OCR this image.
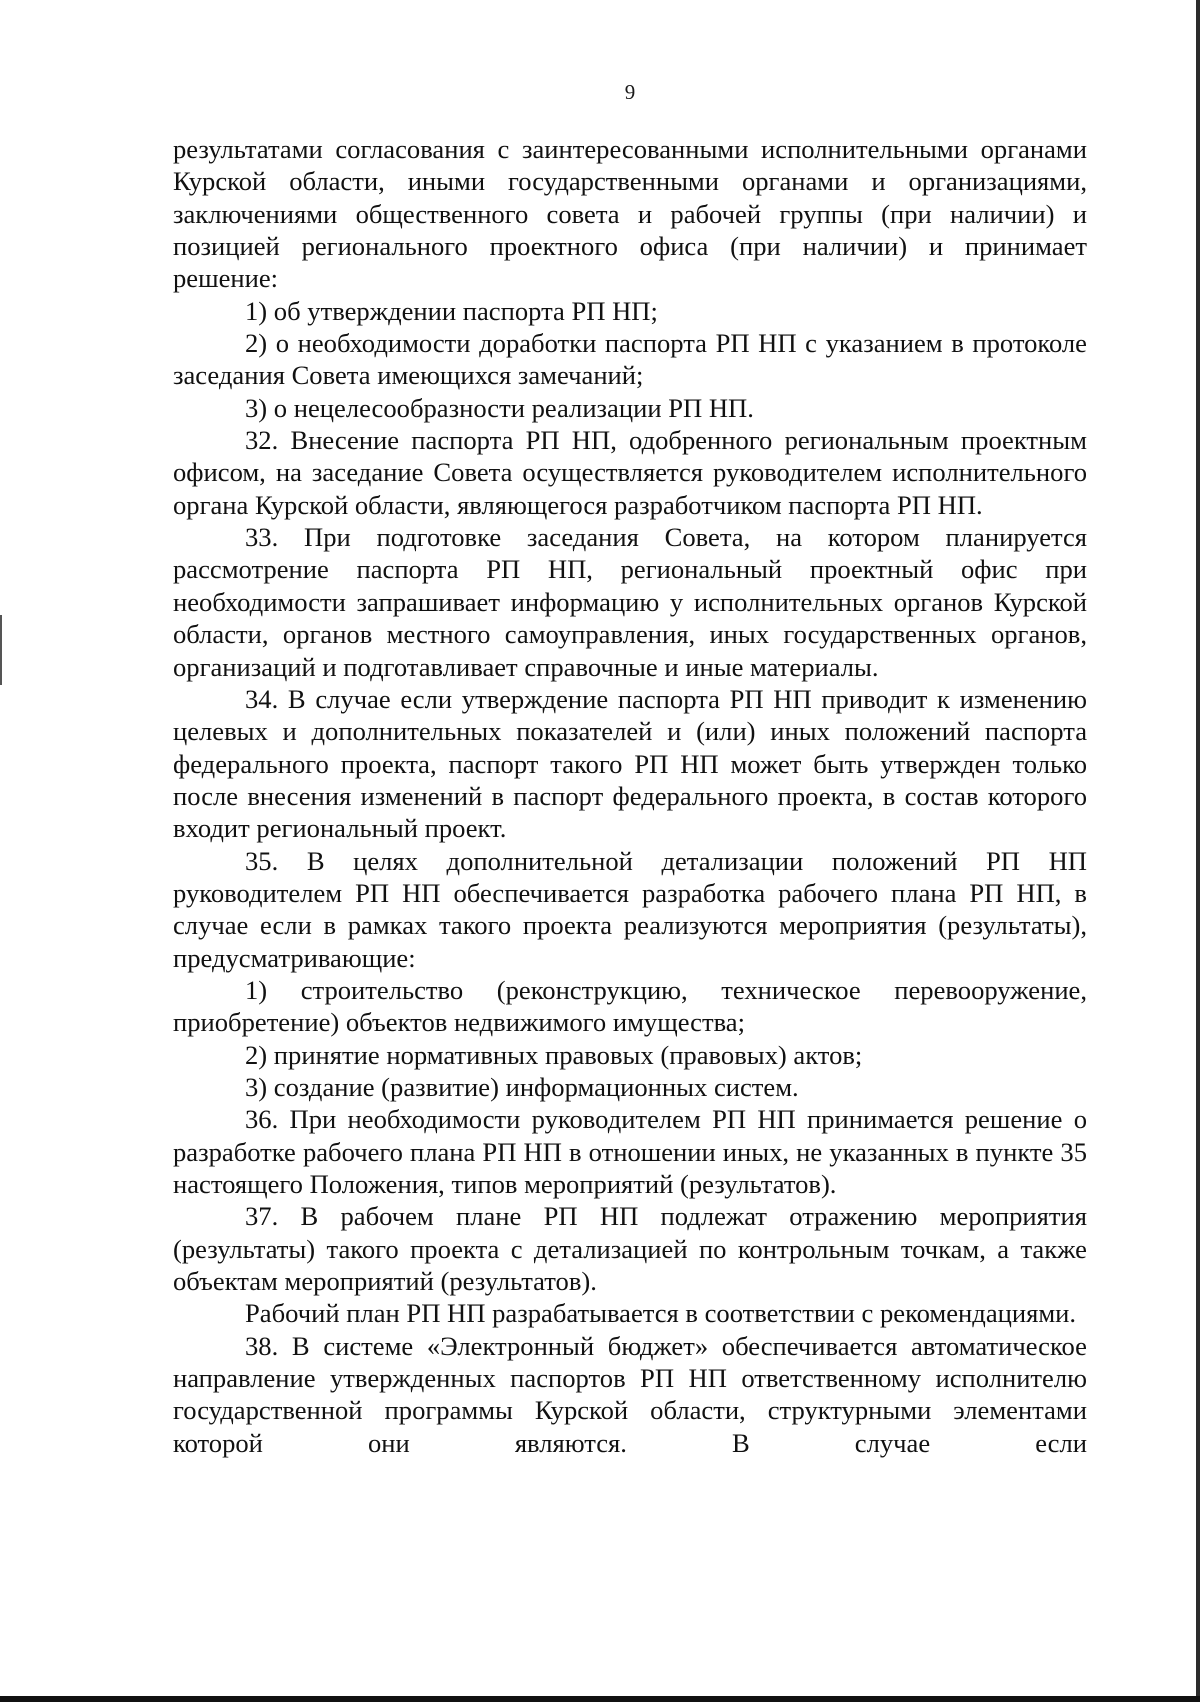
9

результатами согласования с заинтересованными исполнительными органами Курской области, иными государственными органами и организациями, заключениями общественного совета и рабочей группы (при наличии) и позицией регионального проектного офиса (при наличии) и принимает решение:

1) об утверждении паспорта РП НП;

2) о необходимости доработки паспорта РП НП с указанием в протоколе заседания Совета имеющихся замечаний;

3) о нецелесообразности реализации РП НП.

32. Внесение паспорта РП НП, одобренного региональным проектным офисом, на заседание Совета осуществляется руководителем исполнительного органа Курской области, являющегося разработчиком паспорта РП НП.

33. При подготовке заседания Совета, на котором планируется рассмотрение паспорта РП НП, региональный проектный офис при необходимости запрашивает информацию у исполнительных органов Курской области, органов местного самоуправления, иных государственных органов, организаций и подготавливает справочные и иные материалы.

34. В случае если утверждение паспорта РП НП приводит к изменению целевых и дополнительных показателей и (или) иных положений паспорта федерального проекта, паспорт такого РП НП может быть утвержден только после внесения изменений в паспорт федерального проекта, в состав которого входит региональный проект.

35. В целях дополнительной детализации положений РП НП руководителем РП НП обеспечивается разработка рабочего плана РП НП, в случае если в рамках такого проекта реализуются мероприятия (результаты), предусматривающие:

1) строительство (реконструкцию, техническое перевооружение, приобретение) объектов недвижимого имущества;

2) принятие нормативных правовых (правовых) актов;

3) создание (развитие) информационных систем.

36. При необходимости руководителем РП НП принимается решение о разработке рабочего плана РП НП в отношении иных, не указанных в пункте 35 настоящего Положения, типов мероприятий (результатов).

37. В рабочем плане РП НП подлежат отражению мероприятия (результаты) такого проекта с детализацией по контрольным точкам, а также объектам мероприятий (результатов).

Рабочий план РП НП разрабатывается в соответствии с рекомендациями.

38. В системе «Электронный бюджет» обеспечивается автоматическое направление утвержденных паспортов РП НП ответственному исполнителю государственной программы Курской области, структурными элементами которой они являются. В случае если
